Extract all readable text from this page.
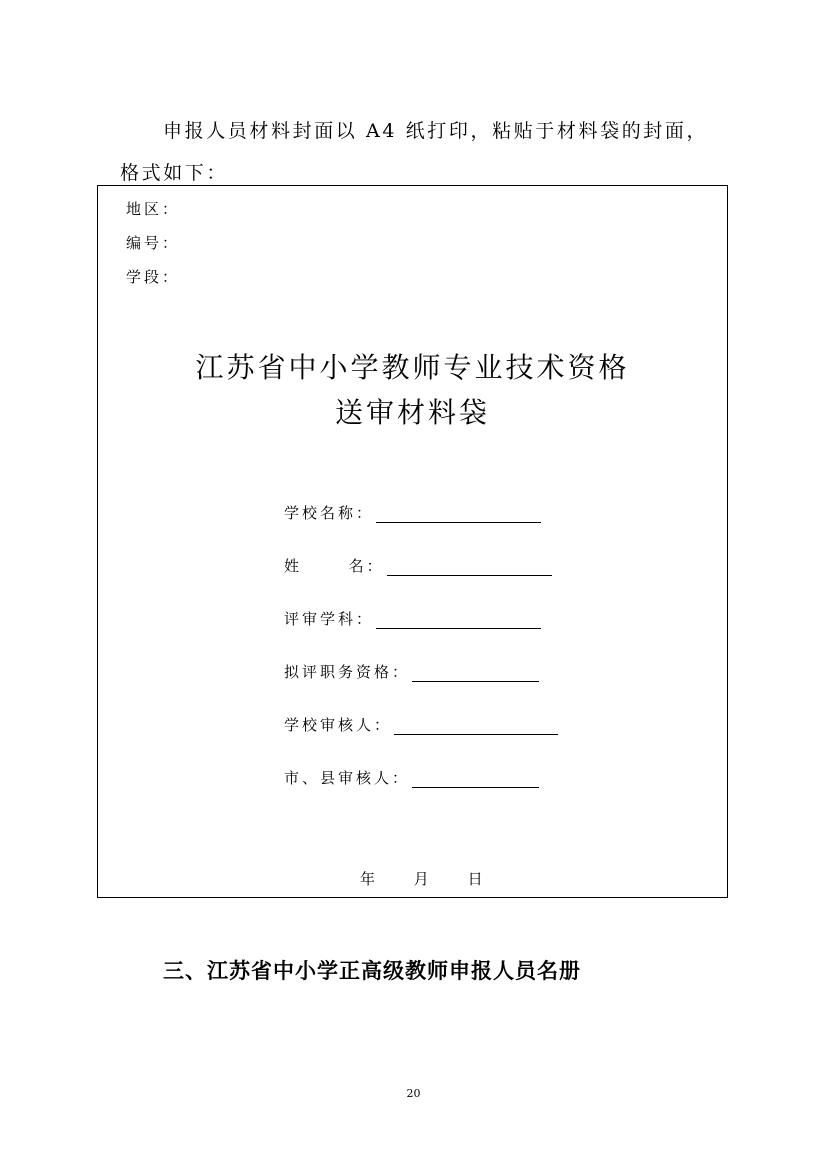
申报人员材料封面以 A4 纸打印，粘贴于材料袋的封面，
格式如下：
地区：
编号：
学段：
江苏省中小学教师专业技术资格
送审材料袋
学校名称：
姓      名：
评审学科：
拟评职务资格：
学校审核人：
市、县审核人：
年	月	日
三、江苏省中小学正高级教师申报人员名册
20
